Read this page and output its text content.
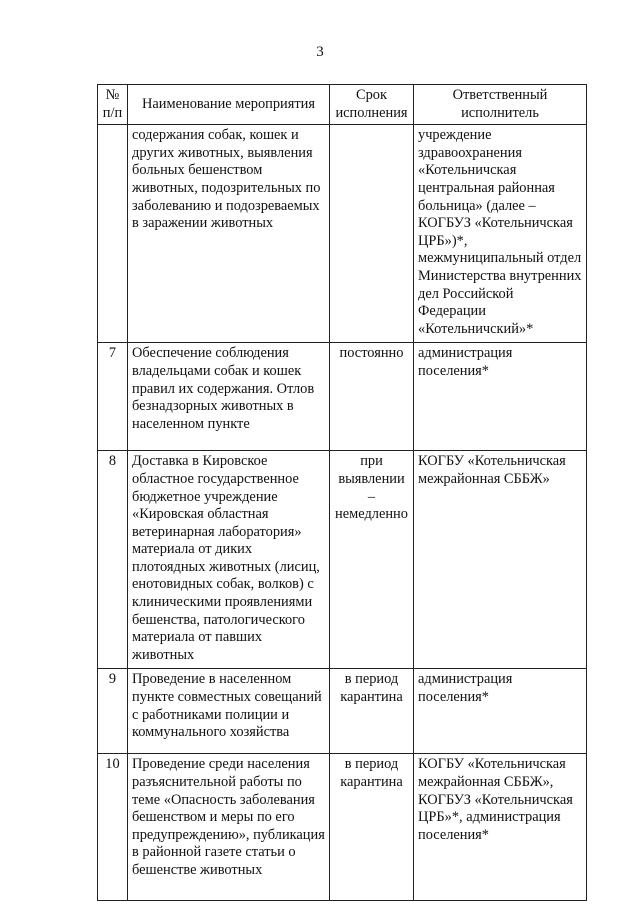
3
№ п/п	Наименование мероприятия	Срок исполнения	Ответственный исполнитель
	содержания собак, кошек и других животных, выявления больных бешенством животных, подозрительных по заболеванию и подозреваемых в заражении животных		учреждение здравоохранения «Котельничская центральная районная больница» (далее – КОГБУЗ «Котельничская ЦРБ»)*, межмуниципальный отдел Министерства внутренних дел Российской Федерации «Котельничский»*
7	Обеспечение соблюдения владельцами собак и кошек правил их содержания. Отлов безнадзорных животных в населенном пункте	постоянно	администрация поселения*
8	Доставка в Кировское областное государственное бюджетное учреждение «Кировская областная ветеринарная лаборатория» материала от диких плотоядных животных (лисиц, енотовидных собак, волков) с клиническими проявлениями бешенства, патологического материала от павших животных	при выявлении – немедленно	КОГБУ «Котельничская межрайонная СББЖ»
9	Проведение в населенном пункте совместных совещаний с работниками полиции и коммунального хозяйства	в период карантина	администрация поселения*
10	Проведение среди населения разъяснительной работы по теме «Опасность заболевания бешенством и меры по его предупреждению», публикация в районной газете статьи о бешенстве животных	в период карантина	КОГБУ «Котельничская межрайонная СББЖ», КОГБУЗ «Котельничская ЦРБ»*, администрация поселения*
